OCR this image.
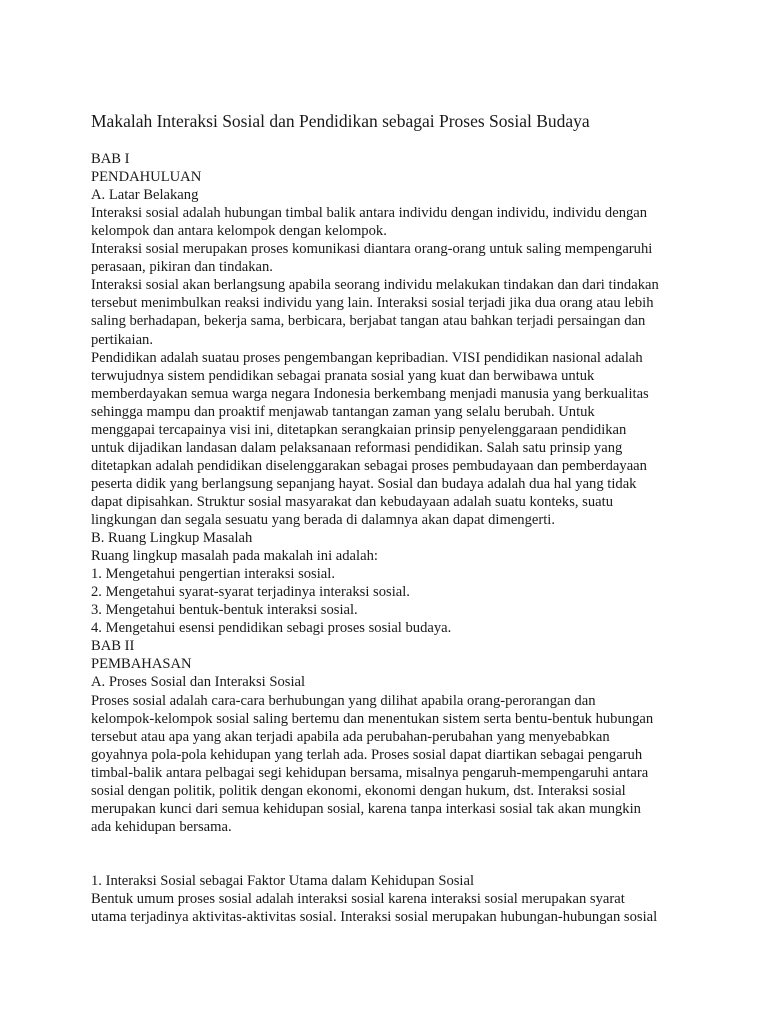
Makalah Interaksi Sosial dan Pendidikan sebagai Proses Sosial Budaya

BAB I

PENDAHULUAN

A. Latar Belakang

Interaksi sosial adalah hubungan timbal balik antara individu dengan individu, individu dengan

kelompok dan antara kelompok dengan kelompok.

Interaksi sosial merupakan proses komunikasi diantara orang-orang untuk saling mempengaruhi

perasaan, pikiran dan tindakan.

Interaksi sosial akan berlangsung apabila seorang individu melakukan tindakan dan dari tindakan

tersebut menimbulkan reaksi individu yang lain. Interaksi sosial terjadi jika dua orang atau lebih

saling berhadapan, bekerja sama, berbicara, berjabat tangan atau bahkan terjadi persaingan dan

pertikaian.

Pendidikan adalah suatau proses pengembangan kepribadian. VISI pendidikan nasional adalah

terwujudnya sistem pendidikan sebagai pranata sosial yang kuat dan berwibawa untuk

memberdayakan semua warga negara Indonesia berkembang menjadi manusia yang berkualitas

sehingga mampu dan proaktif menjawab tantangan zaman yang selalu berubah. Untuk

menggapai tercapainya visi ini, ditetapkan serangkaian prinsip penyelenggaraan pendidikan

untuk dijadikan landasan dalam pelaksanaan reformasi pendidikan. Salah satu prinsip yang

ditetapkan adalah pendidikan diselenggarakan sebagai proses pembudayaan dan pemberdayaan

peserta didik yang berlangsung sepanjang hayat. Sosial dan budaya adalah dua hal yang tidak

dapat dipisahkan. Struktur sosial masyarakat dan kebudayaan adalah suatu konteks, suatu

lingkungan dan segala sesuatu yang berada di dalamnya akan dapat dimengerti.

B. Ruang Lingkup Masalah

Ruang lingkup masalah pada makalah ini adalah:

1. Mengetahui pengertian interaksi sosial.

2. Mengetahui syarat-syarat terjadinya interaksi sosial.

3. Mengetahui bentuk-bentuk interaksi sosial.

4. Mengetahui esensi pendidikan sebagi proses sosial budaya.

BAB II

PEMBAHASAN

A. Proses Sosial dan Interaksi Sosial

Proses sosial adalah cara-cara berhubungan yang dilihat apabila orang-perorangan dan

kelompok-kelompok sosial saling bertemu dan menentukan sistem serta bentu-bentuk hubungan

tersebut atau apa yang akan terjadi apabila ada perubahan-perubahan yang menyebabkan

goyahnya pola-pola kehidupan yang terlah ada. Proses sosial dapat diartikan sebagai pengaruh

timbal-balik antara pelbagai segi kehidupan bersama, misalnya pengaruh-mempengaruhi antara

sosial dengan politik, politik dengan ekonomi, ekonomi dengan hukum, dst. Interaksi sosial

merupakan kunci dari semua kehidupan sosial, karena tanpa interkasi sosial tak akan mungkin

ada kehidupan bersama.

1. Interaksi Sosial sebagai Faktor Utama dalam Kehidupan Sosial

Bentuk umum proses sosial adalah interaksi sosial karena interaksi sosial merupakan syarat

utama terjadinya aktivitas-aktivitas sosial. Interaksi sosial merupakan hubungan-hubungan sosial
